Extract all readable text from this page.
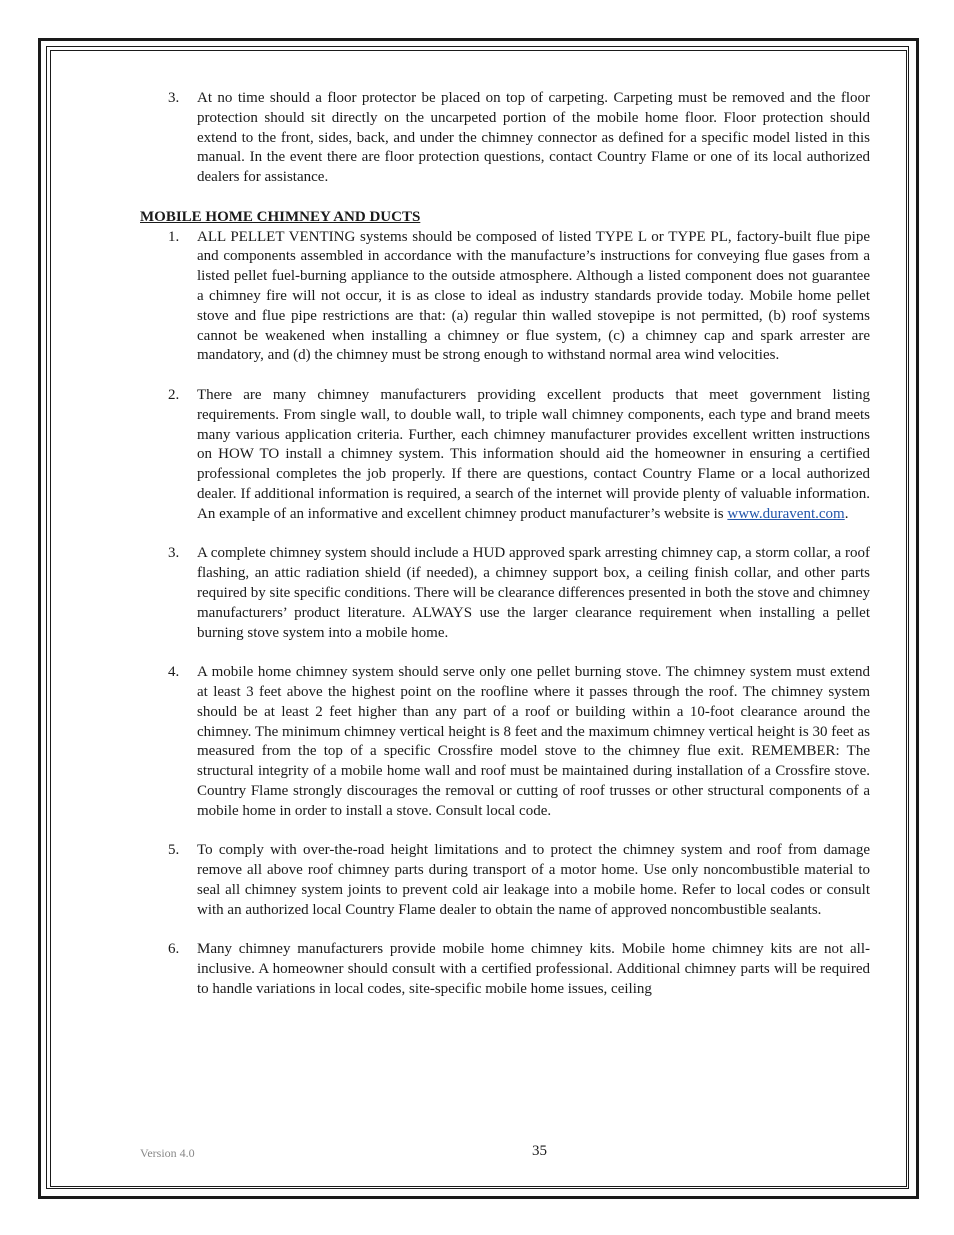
3. At no time should a floor protector be placed on top of carpeting. Carpeting must be removed and the floor protection should sit directly on the uncarpeted portion of the mobile home floor. Floor protection should extend to the front, sides, back, and under the chimney connector as defined for a specific model listed in this manual. In the event there are floor protection questions, contact Country Flame or one of its local authorized dealers for assistance.

MOBILE HOME CHIMNEY AND DUCTS

1. ALL PELLET VENTING systems should be composed of listed TYPE L or TYPE PL, factory-built flue pipe and components assembled in accordance with the manufacture’s instructions for conveying flue gases from a listed pellet fuel-burning appliance to the outside atmosphere. Although a listed component does not guarantee a chimney fire will not occur, it is as close to ideal as industry standards provide today. Mobile home pellet stove and flue pipe restrictions are that: (a) regular thin walled stovepipe is not permitted, (b) roof systems cannot be weakened when installing a chimney or flue system, (c) a chimney cap and spark arrester are mandatory, and (d) the chimney must be strong enough to withstand normal area wind velocities.

2. There are many chimney manufacturers providing excellent products that meet government listing requirements. From single wall, to double wall, to triple wall chimney components, each type and brand meets many various application criteria. Further, each chimney manufacturer provides excellent written instructions on HOW TO install a chimney system. This information should aid the homeowner in ensuring a certified professional completes the job properly. If there are questions, contact Country Flame or a local authorized dealer. If additional information is required, a search of the internet will provide plenty of valuable information. An example of an informative and excellent chimney product manufacturer’s website is www.duravent.com.

3. A complete chimney system should include a HUD approved spark arresting chimney cap, a storm collar, a roof flashing, an attic radiation shield (if needed), a chimney support box, a ceiling finish collar, and other parts required by site specific conditions. There will be clearance differences presented in both the stove and chimney manufacturers’ product literature. ALWAYS use the larger clearance requirement when installing a pellet burning stove system into a mobile home.

4. A mobile home chimney system should serve only one pellet burning stove. The chimney system must extend at least 3 feet above the highest point on the roofline where it passes through the roof. The chimney system should be at least 2 feet higher than any part of a roof or building within a 10-foot clearance around the chimney. The minimum chimney vertical height is 8 feet and the maximum chimney vertical height is 30 feet as measured from the top of a specific Crossfire model stove to the chimney flue exit. REMEMBER: The structural integrity of a mobile home wall and roof must be maintained during installation of a Crossfire stove. Country Flame strongly discourages the removal or cutting of roof trusses or other structural components of a mobile home in order to install a stove. Consult local code.

5. To comply with over-the-road height limitations and to protect the chimney system and roof from damage remove all above roof chimney parts during transport of a motor home. Use only noncombustible material to seal all chimney system joints to prevent cold air leakage into a mobile home. Refer to local codes or consult with an authorized local Country Flame dealer to obtain the name of approved noncombustible sealants.

6. Many chimney manufacturers provide mobile home chimney kits. Mobile home chimney kits are not all-inclusive. A homeowner should consult with a certified professional. Additional chimney parts will be required to handle variations in local codes, site-specific mobile home issues, ceiling

Version 4.0	35
